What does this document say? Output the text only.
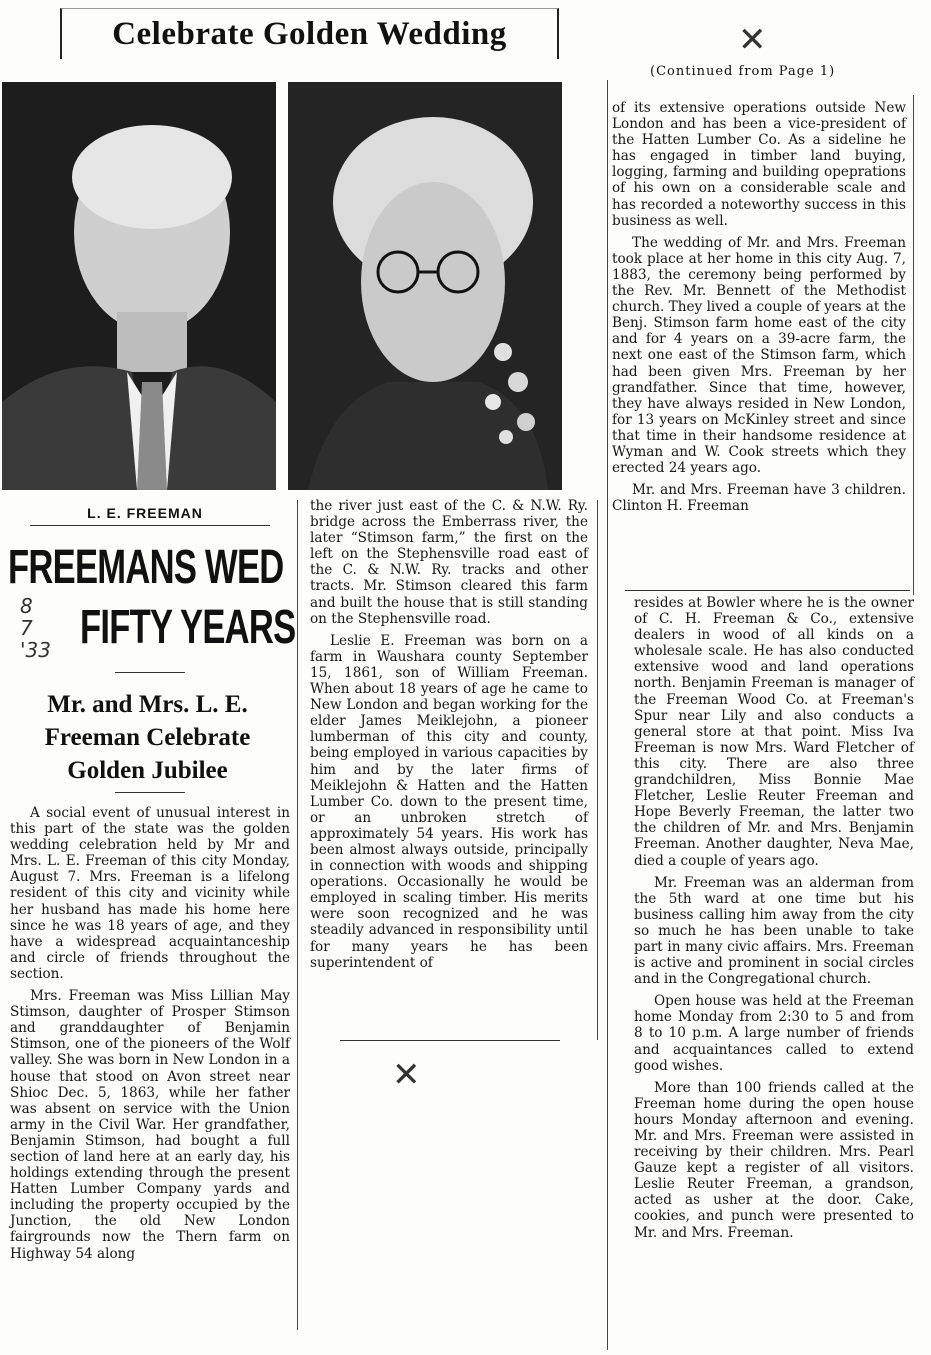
Celebrate Golden Wedding	✕
(Continued from Page 1)
L. E. FREEMAN
FREEMANS WED
FIFTY YEARS
8
7
'33
Mr. and Mrs. L. E.
Freeman Celebrate
Golden Jubilee

A social event of unusual interest in this part of the state was the golden wedding celebration held by Mr and Mrs. L. E. Freeman of this city Monday, August 7. Mrs. Freeman is a lifelong resident of this city and vicinity while her husband has made his home here since he was 18 years of age, and they have a widespread acquaintanceship and circle of friends throughout the section.

Mrs. Freeman was Miss Lillian May Stimson, daughter of Prosper Stimson and granddaughter of Benjamin Stimson, one of the pioneers of the Wolf valley. She was born in New London in a house that stood on Avon street near Shioc Dec. 5, 1863, while her father was absent on service with the Union army in the Civil War. Her grandfather, Benjamin Stimson, had bought a full section of land here at an early day, his holdings extending through the present Hatten Lumber Company yards and including the property occupied by the Junction, the old New London fairgrounds now the Thern farm on Highway 54 along

the river just east of the C. & N.W. Ry. bridge across the Emberrass river, the later “Stimson farm,” the first on the left on the Stephensville road east of the C. & N.W. Ry. tracks and other tracts. Mr. Stimson cleared this farm and built the house that is still standing on the Stephensville road.

Leslie E. Freeman was born on a farm in Waushara county September 15, 1861, son of William Freeman. When about 18 years of age he came to New London and began working for the elder James Meiklejohn, a pioneer lumberman of this city and county, being employed in various capacities by him and by the later firms of Meiklejohn & Hatten and the Hatten Lumber Co. down to the present time, or an unbroken stretch of approximately 54 years. His work has been almost always outside, principally in connection with woods and shipping operations. Occasionally he would be employed in scaling timber. His merits were soon recognized and he was steadily advanced in responsibility until for many years he has been superintendent of

✕

of its extensive operations outside New London and has been a vice-president of the Hatten Lumber Co. As a sideline he has engaged in timber land buying, logging, farming and building opeprations of his own on a considerable scale and has recorded a noteworthy success in this business as well.

The wedding of Mr. and Mrs. Freeman took place at her home in this city Aug. 7, 1883, the ceremony being performed by the Rev. Mr. Bennett of the Methodist church. They lived a couple of years at the Benj. Stimson farm home east of the city and for 4 years on a 39-acre farm, the next one east of the Stimson farm, which had been given Mrs. Freeman by her grandfather. Since that time, however, they have always resided in New London, for 13 years on McKinley street and since that time in their handsome residence at Wyman and W. Cook streets which they erected 24 years ago.

Mr. and Mrs. Freeman have 3 children. Clinton H. Freeman

resides at Bowler where he is the owner of C. H. Freeman & Co., extensive dealers in wood of all kinds on a wholesale scale. He has also conducted extensive wood and land operations north. Benjamin Freeman is manager of the Freeman Wood Co. at Freeman's Spur near Lily and also conducts a general store at that point. Miss Iva Freeman is now Mrs. Ward Fletcher of this city. There are also three grandchildren, Miss Bonnie Mae Fletcher, Leslie Reuter Freeman and Hope Beverly Freeman, the latter two the children of Mr. and Mrs. Benjamin Freeman. Another daughter, Neva Mae, died a couple of years ago.

Mr. Freeman was an alderman from the 5th ward at one time but his business calling him away from the city so much he has been unable to take part in many civic affairs. Mrs. Freeman is active and prominent in social circles and in the Congregational church.

Open house was held at the Freeman home Monday from 2:30 to 5 and from 8 to 10 p.m. A large number of friends and acquaintances called to extend good wishes.

More than 100 friends called at the Freeman home during the open house hours Monday afternoon and evening. Mr. and Mrs. Freeman were assisted in receiving by their children. Mrs. Pearl Gauze kept a register of all visitors. Leslie Reuter Freeman, a grandson, acted as usher at the door. Cake, cookies, and punch were presented to Mr. and Mrs. Freeman.
